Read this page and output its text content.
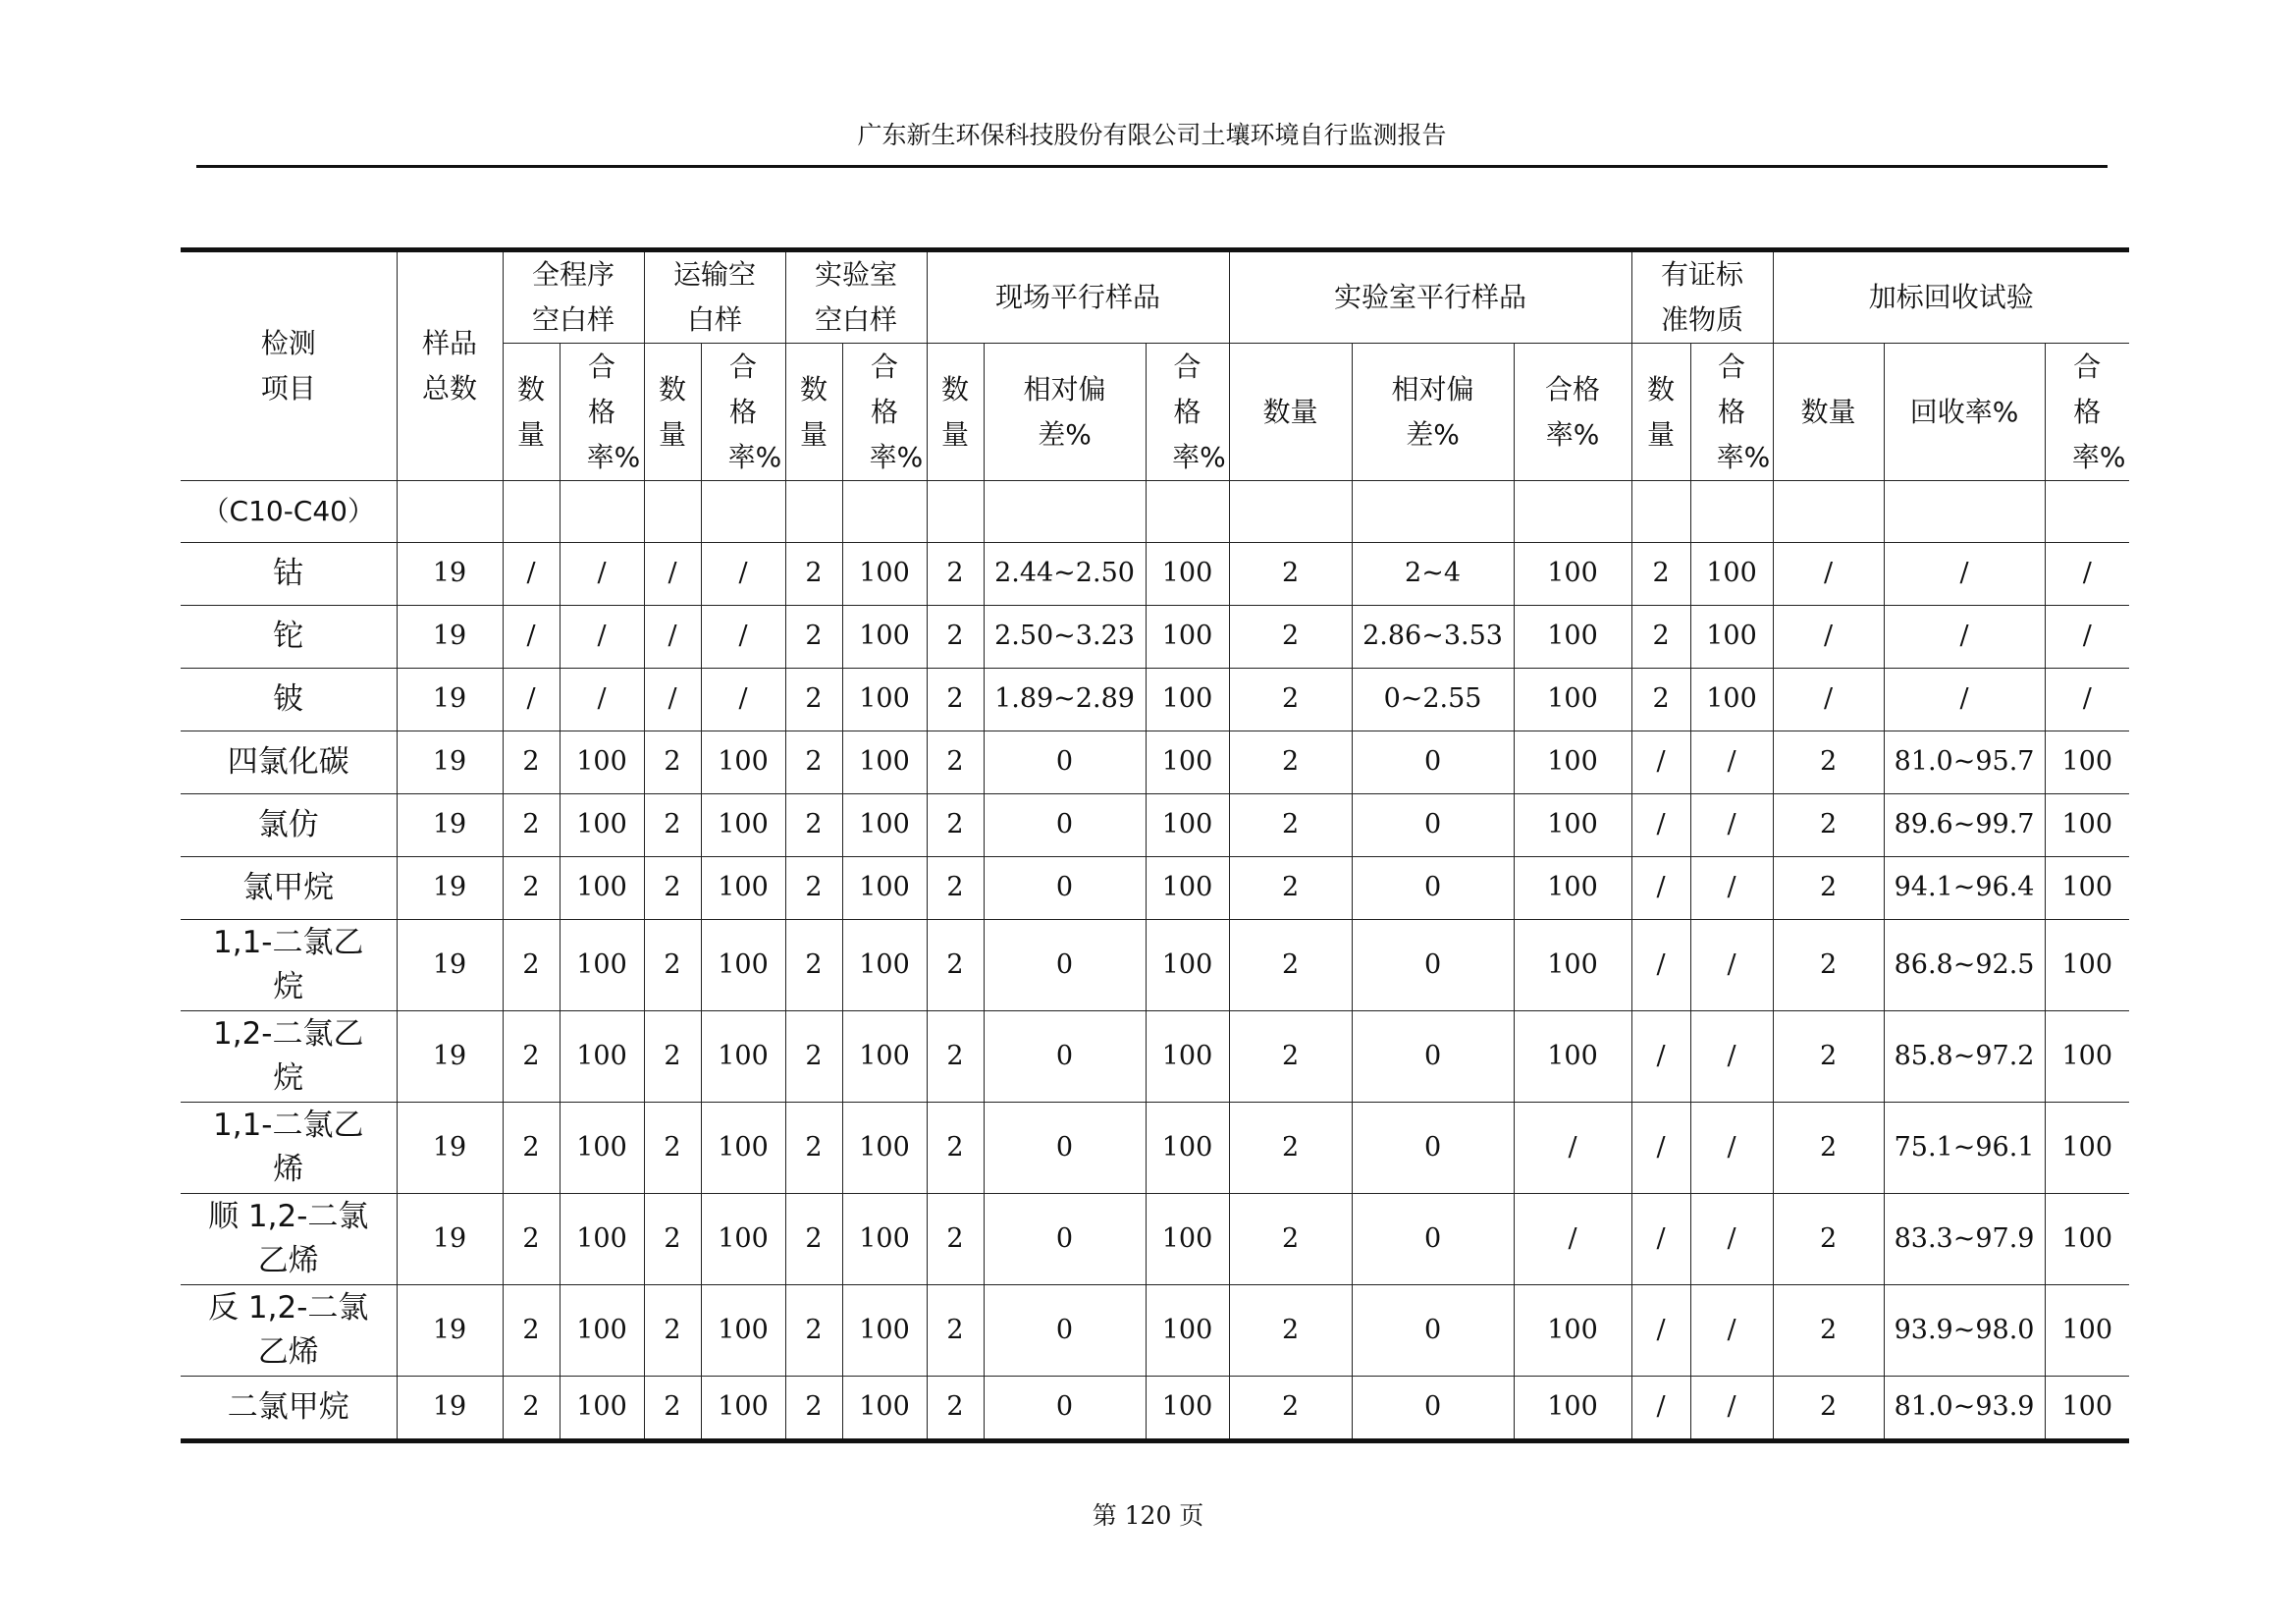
广东新生环保科技股份有限公司土壤环境自行监测报告
检测项目	样品总数	全程序空白样		运输空白样		实验室空白样		现场平行样品			实验室平行样品			有证标准物质		加标回收试验		
		数量	合格率%	数量	合格率%	数量	合格率%	数量	相对偏差%	合格率%	数量	相对偏差%	合格率%	数量	合格率%	数量	回收率%	合格率%
（C10-C40）																		
钴	19	/	/	/	/	2	100	2	2.44~2.50	100	2	2~4	100	2	100	/	/	/
铊	19	/	/	/	/	2	100	2	2.50~3.23	100	2	2.86~3.53	100	2	100	/	/	/
铍	19	/	/	/	/	2	100	2	1.89~2.89	100	2	0~2.55	100	2	100	/	/	/
四氯化碳	19	2	100	2	100	2	100	2	0	100	2	0	100	/	/	2	81.0~95.7	100
氯仿	19	2	100	2	100	2	100	2	0	100	2	0	100	/	/	2	89.6~99.7	100
氯甲烷	19	2	100	2	100	2	100	2	0	100	2	0	100	/	/	2	94.1~96.4	100
1,1-二氯乙烷	19	2	100	2	100	2	100	2	0	100	2	0	100	/	/	2	86.8~92.5	100
1,2-二氯乙烷	19	2	100	2	100	2	100	2	0	100	2	0	100	/	/	2	85.8~97.2	100
1,1-二氯乙烯	19	2	100	2	100	2	100	2	0	100	2	0	/	/	/	2	75.1~96.1	100
顺 1,2-二氯乙烯	19	2	100	2	100	2	100	2	0	100	2	0	/	/	/	2	83.3~97.9	100
反 1,2-二氯乙烯	19	2	100	2	100	2	100	2	0	100	2	0	100	/	/	2	93.9~98.0	100
二氯甲烷	19	2	100	2	100	2	100	2	0	100	2	0	100	/	/	2	81.0~93.9	100
第 120 页
